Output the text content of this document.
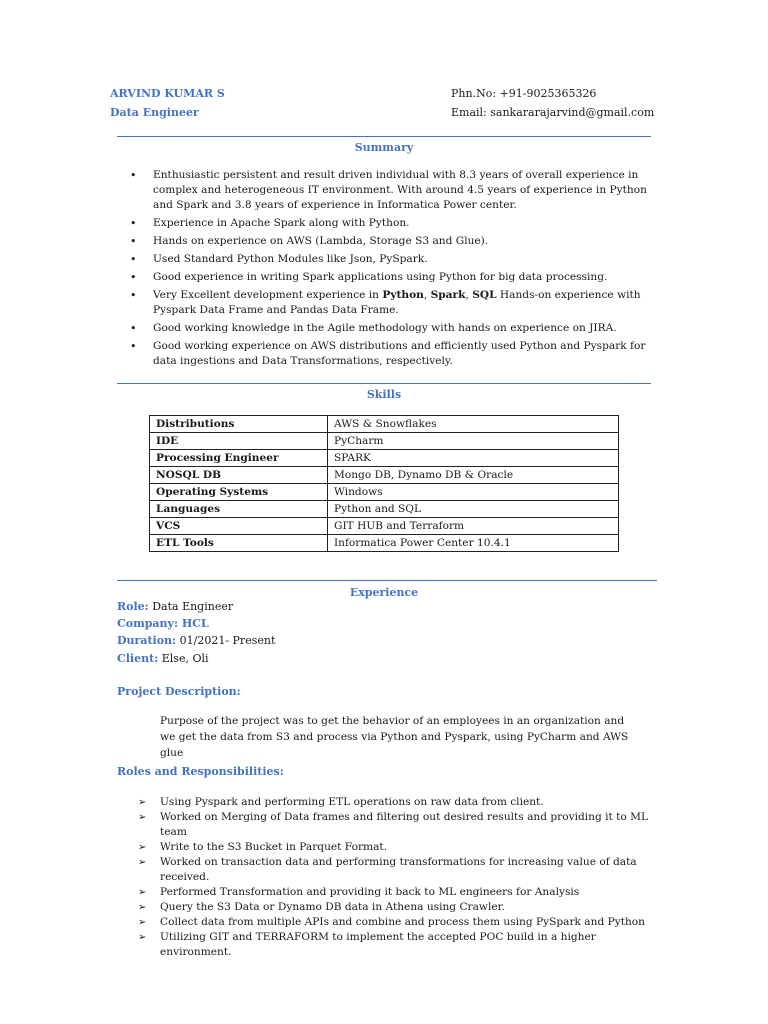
ARVIND KUMAR S
Data Engineer
Phn.No: +91-9025365326
Email: sankararajarvind@gmail.com
Summary
• Enthusiastic persistent and result driven individual with 8.3 years of overall experience in complex and heterogeneous IT environment. With around 4.5 years of experience in Python and Spark and 3.8 years of experience in Informatica Power center.
• Experience in Apache Spark along with Python.
• Hands on experience on AWS (Lambda, Storage S3 and Glue).
• Used Standard Python Modules like Json, PySpark.
• Good experience in writing Spark applications using Python for big data processing.
• Very Excellent development experience in Python, Spark, SQL Hands-on experience with Pyspark Data Frame and Pandas Data Frame.
• Good working knowledge in the Agile methodology with hands on experience on JIRA.
• Good working experience on AWS distributions and efficiently used Python and Pyspark for data ingestions and Data Transformations, respectively.
Skills
Distributions	AWS & Snowflakes
IDE	PyCharm
Processing Engineer	SPARK
NOSQL DB	Mongo DB, Dynamo DB & Oracle
Operating Systems	Windows
Languages	Python and SQL
VCS	GIT HUB and Terraform
ETL Tools	Informatica Power Center 10.4.1
Experience
Role: Data Engineer
Company: HCL
Duration: 01/2021- Present
Client: Else, Oli
Project Description:
Purpose of the project was to get the behavior of an employees in an organization and we get the data from S3 and process via Python and Pyspark, using PyCharm and AWS glue
Roles and Responsibilities:
➢ Using Pyspark and performing ETL operations on raw data from client.
➢ Worked on Merging of Data frames and filtering out desired results and providing it to ML team
➢ Write to the S3 Bucket in Parquet Format.
➢ Worked on transaction data and performing transformations for increasing value of data received.
➢ Performed Transformation and providing it back to ML engineers for Analysis
➢ Query the S3 Data or Dynamo DB data in Athena using Crawler.
➢ Collect data from multiple APIs and combine and process them using PySpark and Python
➢ Utilizing GIT and TERRAFORM to implement the accepted POC build in a higher environment.
